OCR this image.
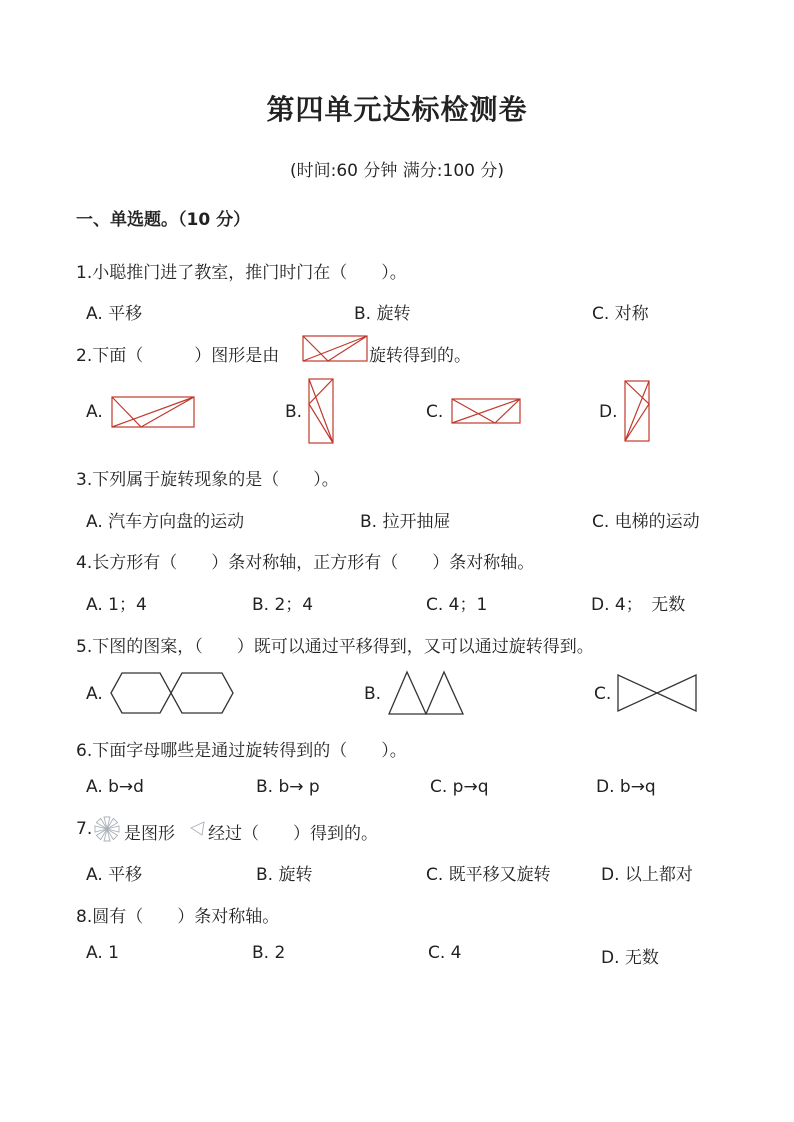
第四单元达标检测卷
(时间:60 分钟 满分:100 分)
一、单选题。（10 分）
1.小聪推门进了教室，推门时门在（　　）。
A. 平移	B. 旋转	C. 对称
2.下面（　　　）图形是由	旋转得到的。
A.	B.	C.	D.
3.下列属于旋转现象的是（　　）。
A. 汽车方向盘的运动	B. 拉开抽屉	C. 电梯的运动
4.长方形有（　　）条对称轴，正方形有（　　）条对称轴。
A. 1；4	B. 2；4	C. 4；1	D. 4；　无数
5.下图的图案，（　　）既可以通过平移得到，又可以通过旋转得到。
A.	B.	C.
6.下面字母哪些是通过旋转得到的（　　）。
A. b→d	B. b→ p	C. p→q	D. b→q
7. 是图形 经过（　　）得到的。
A. 平移	B. 旋转	C. 既平移又旋转	D. 以上都对
8.圆有（　　）条对称轴。
A. 1	B. 2	C. 4	D. 无数
